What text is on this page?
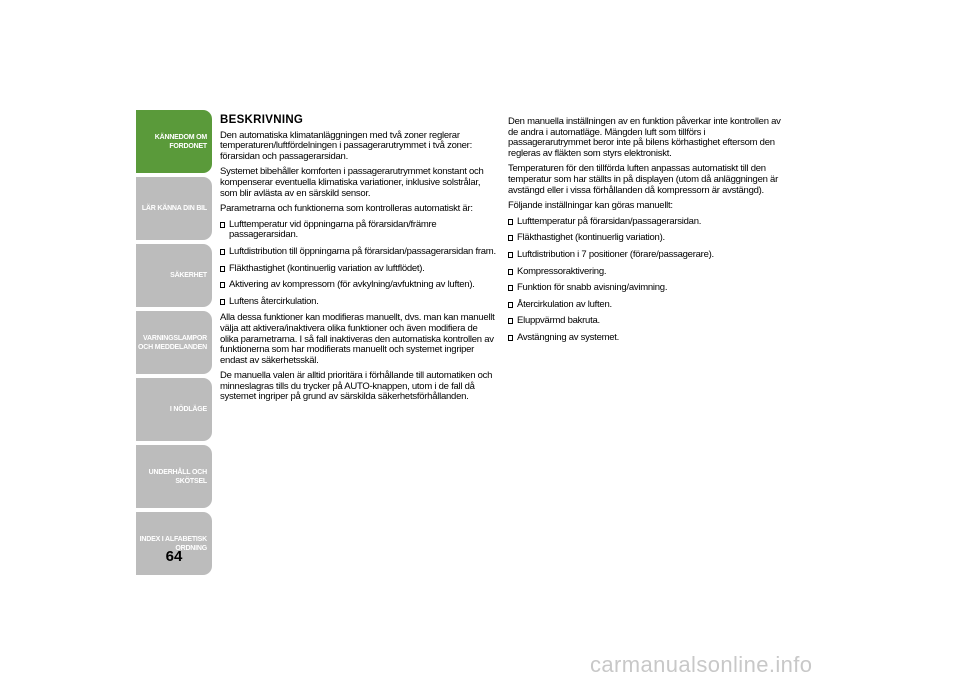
KÄNNEDOM OM
FORDONET
LÄR KÄNNA DIN BIL
SÄKERHET
VARNINGSLAMPOR
OCH MEDDELANDEN
I NÖDLÄGE
UNDERHÅLL OCH
SKÖTSEL
INDEX I ALFABETISK
ORDNING
64
BESKRIVNING

Den automatiska klimatanläggningen med två zoner reglerar temperaturen/luftfördelningen i passagerarutrymmet i två zoner: förarsidan och passagerarsidan.

Systemet bibehåller komforten i passagerarutrymmet konstant och kompenserar eventuella klimatiska variationer, inklusive solstrålar, som blir avlästa av en särskild sensor.

Parametrarna och funktionerna som kontrolleras automatiskt är:

Lufttemperatur vid öppningarna på förarsidan/främre passagerarsidan.
Luftdistribution till öppningarna på förarsidan/passagerarsidan fram.
Fläkthastighet (kontinuerlig variation av luftflödet).
Aktivering av kompressorn (för avkylning/avfuktning av luften).
Luftens återcirkulation.

Alla dessa funktioner kan modifieras manuellt, dvs. man kan manuellt välja att aktivera/inaktivera olika funktioner och även modifiera de olika parametrarna. I så fall inaktiveras den automatiska kontrollen av funktionerna som har modifierats manuellt och systemet ingriper endast av säkerhetsskäl.

De manuella valen är alltid prioritära i förhållande till automatiken och minneslagras tills du trycker på AUTO-knappen, utom i de fall då systemet ingriper på grund av särskilda säkerhetsförhållanden.

Den manuella inställningen av en funktion påverkar inte kontrollen av de andra i automatläge. Mängden luft som tillförs i passagerarutrymmet beror inte på bilens körhastighet eftersom den regleras av fläkten som styrs elektroniskt.

Temperaturen för den tillförda luften anpassas automatiskt till den temperatur som har ställts in på displayen (utom då anläggningen är avstängd eller i vissa förhållanden då kompressorn är avstängd).

Följande inställningar kan göras manuellt:

Lufttemperatur på förarsidan/passagerarsidan.
Fläkthastighet (kontinuerlig variation).
Luftdistribution i 7 positioner (förare/passagerare).
Kompressoraktivering.
Funktion för snabb avisning/avimning.
Återcirkulation av luften.
Eluppvärmd bakruta.
Avstängning av systemet.
carmanualsonline.info
